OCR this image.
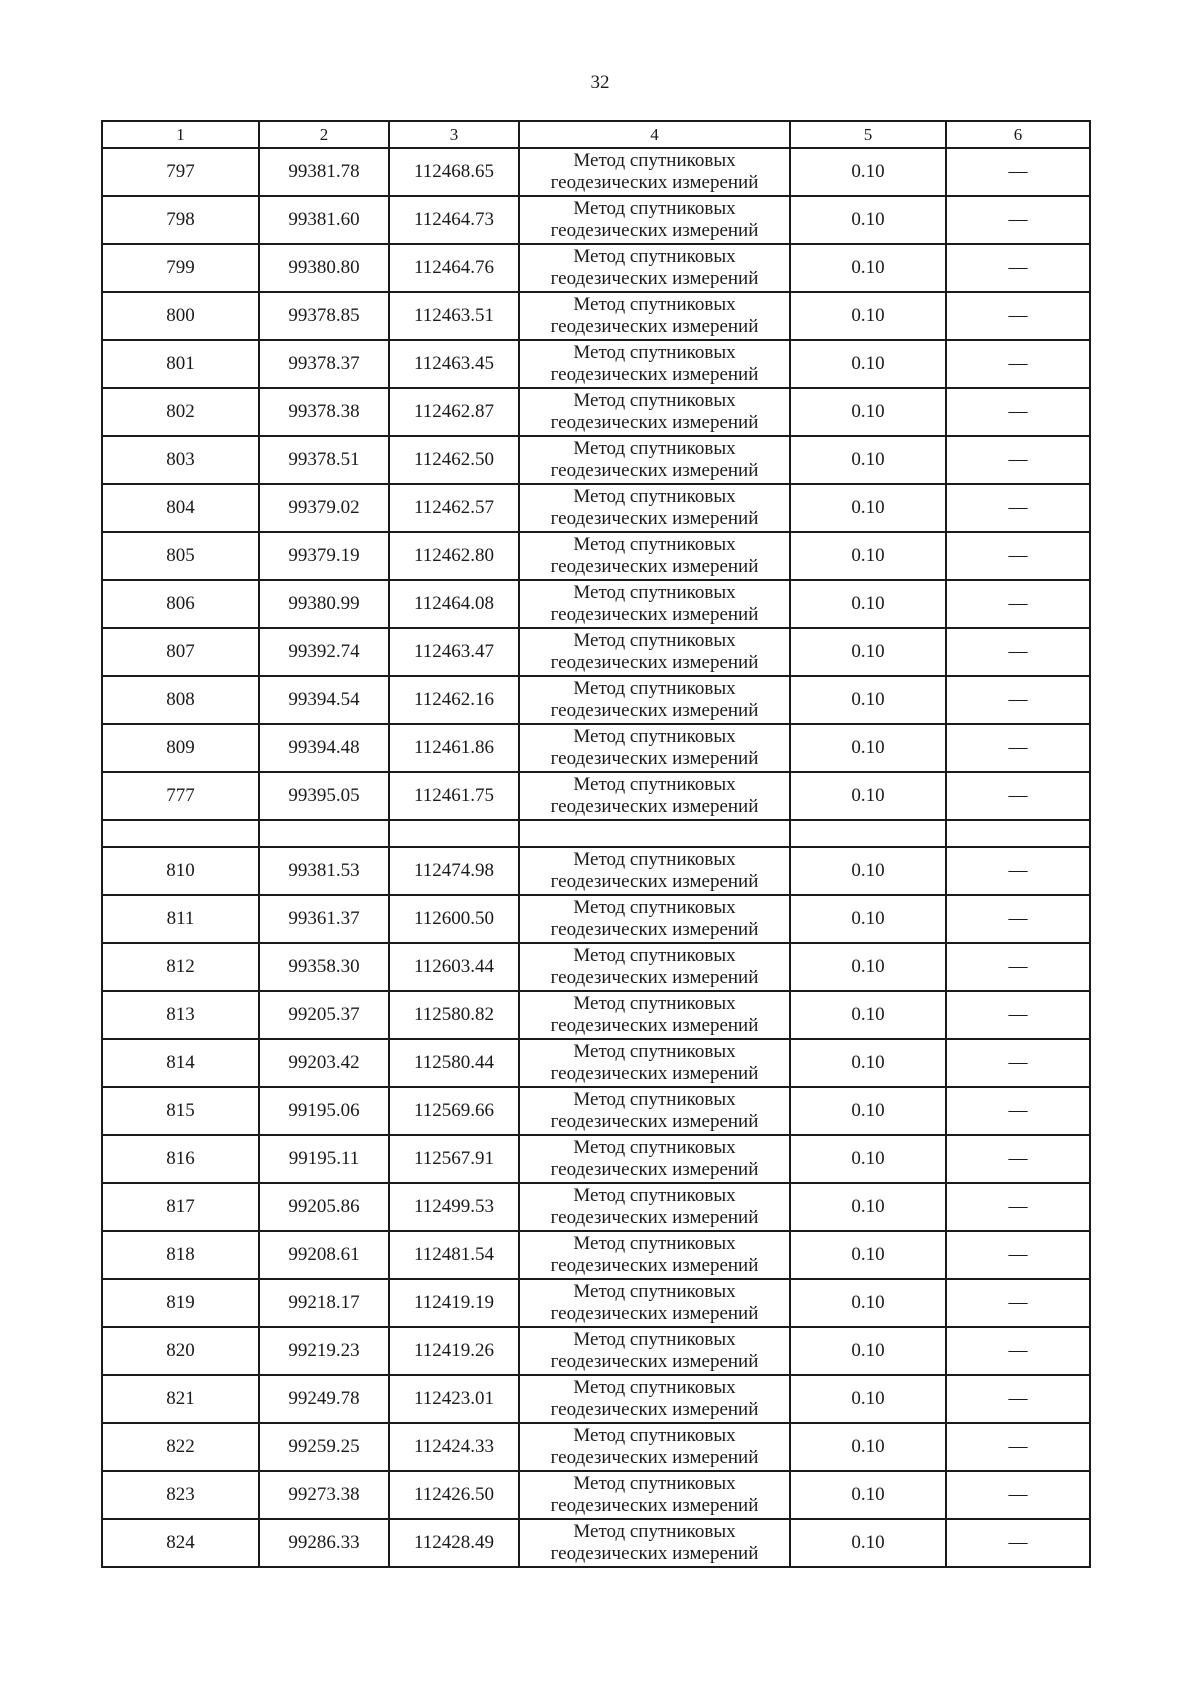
32
1	2	3	4	5	6
797	99381.78	112468.65	Метод спутниковых
геодезических измерений	0.10	—
798	99381.60	112464.73	Метод спутниковых
геодезических измерений	0.10	—
799	99380.80	112464.76	Метод спутниковых
геодезических измерений	0.10	—
800	99378.85	112463.51	Метод спутниковых
геодезических измерений	0.10	—
801	99378.37	112463.45	Метод спутниковых
геодезических измерений	0.10	—
802	99378.38	112462.87	Метод спутниковых
геодезических измерений	0.10	—
803	99378.51	112462.50	Метод спутниковых
геодезических измерений	0.10	—
804	99379.02	112462.57	Метод спутниковых
геодезических измерений	0.10	—
805	99379.19	112462.80	Метод спутниковых
геодезических измерений	0.10	—
806	99380.99	112464.08	Метод спутниковых
геодезических измерений	0.10	—
807	99392.74	112463.47	Метод спутниковых
геодезических измерений	0.10	—
808	99394.54	112462.16	Метод спутниковых
геодезических измерений	0.10	—
809	99394.48	112461.86	Метод спутниковых
геодезических измерений	0.10	—
777	99395.05	112461.75	Метод спутниковых
геодезических измерений	0.10	—

810	99381.53	112474.98	Метод спутниковых
геодезических измерений	0.10	—
811	99361.37	112600.50	Метод спутниковых
геодезических измерений	0.10	—
812	99358.30	112603.44	Метод спутниковых
геодезических измерений	0.10	—
813	99205.37	112580.82	Метод спутниковых
геодезических измерений	0.10	—
814	99203.42	112580.44	Метод спутниковых
геодезических измерений	0.10	—
815	99195.06	112569.66	Метод спутниковых
геодезических измерений	0.10	—
816	99195.11	112567.91	Метод спутниковых
геодезических измерений	0.10	—
817	99205.86	112499.53	Метод спутниковых
геодезических измерений	0.10	—
818	99208.61	112481.54	Метод спутниковых
геодезических измерений	0.10	—
819	99218.17	112419.19	Метод спутниковых
геодезических измерений	0.10	—
820	99219.23	112419.26	Метод спутниковых
геодезических измерений	0.10	—
821	99249.78	112423.01	Метод спутниковых
геодезических измерений	0.10	—
822	99259.25	112424.33	Метод спутниковых
геодезических измерений	0.10	—
823	99273.38	112426.50	Метод спутниковых
геодезических измерений	0.10	—
824	99286.33	112428.49	Метод спутниковых
геодезических измерений	0.10	—
